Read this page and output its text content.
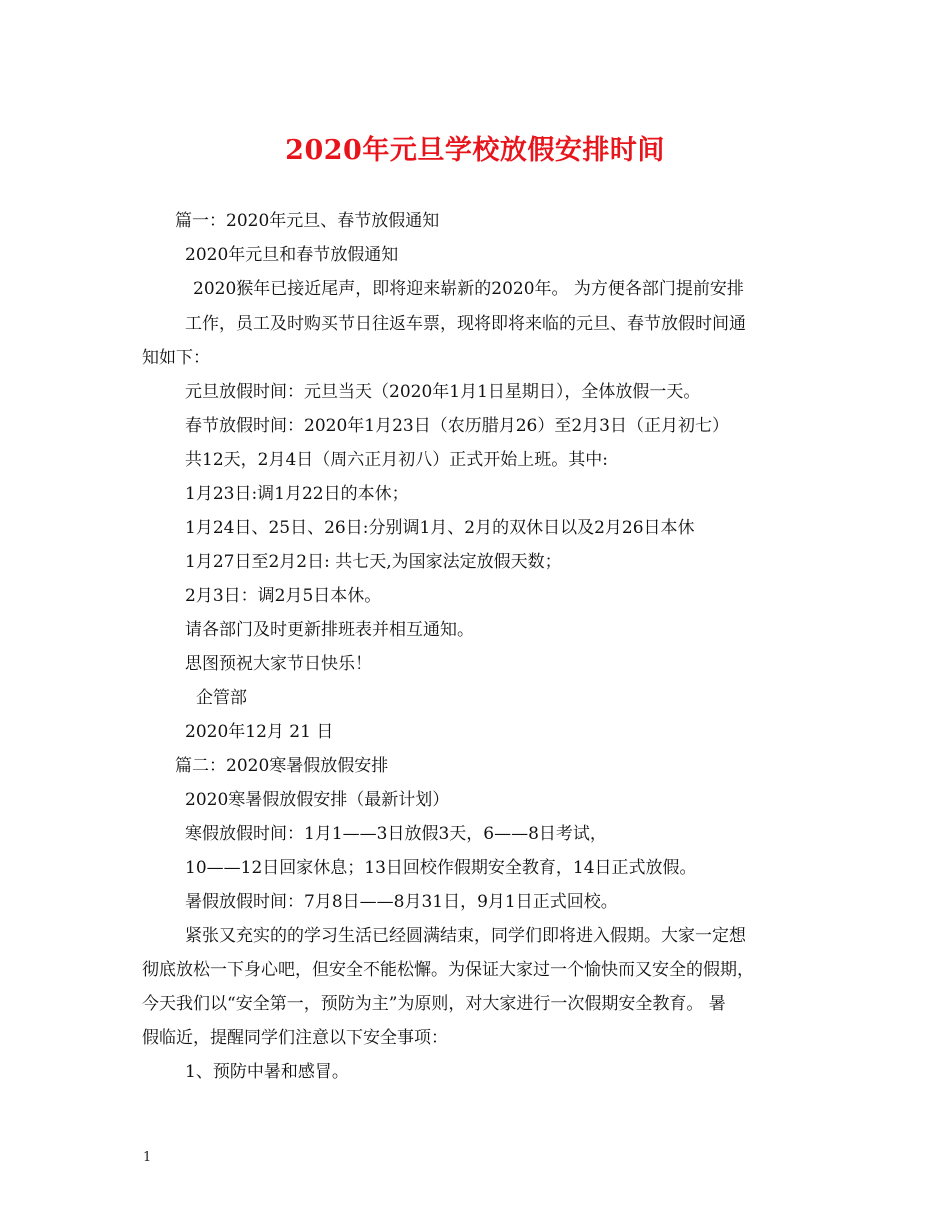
2020年元旦学校放假安排时间
篇一：2020年元旦、春节放假通知
2020年元旦和春节放假通知
2020猴年已接近尾声，即将迎来崭新的2020年。 为方便各部门提前安排
工作，员工及时购买节日往返车票，现将即将来临的元旦、春节放假时间通
知如下：
元旦放假时间：元旦当天（2020年1月1日星期日），全体放假一天。
春节放假时间：2020年1月23日（农历腊月26）至2月3日（正月初七）
共12天，2月4日（周六正月初八）正式开始上班。其中:
1月23日:调1月22日的本休；
1月24日、25日、26日:分别调1月、2月的双休日以及2月26日本休
1月27日至2月2日: 共七天,为国家法定放假天数；
2月3日：调2月5日本休。
请各部门及时更新排班表并相互通知。
思图预祝大家节日快乐！
企管部
2020年12月 21 日
篇二：2020寒暑假放假安排
2020寒暑假放假安排（最新计划）
寒假放假时间：1月1——3日放假3天，6——8日考试，
10——12日回家休息；13日回校作假期安全教育，14日正式放假。
暑假放假时间：7月8日——8月31日，9月1日正式回校。
紧张又充实的的学习生活已经圆满结束，同学们即将进入假期。大家一定想
彻底放松一下身心吧，但安全不能松懈。为保证大家过一个愉快而又安全的假期，
今天我们以“安全第一，预防为主”为原则，对大家进行一次假期安全教育。 暑
假临近，提醒同学们注意以下安全事项：
1、预防中暑和感冒。
1
